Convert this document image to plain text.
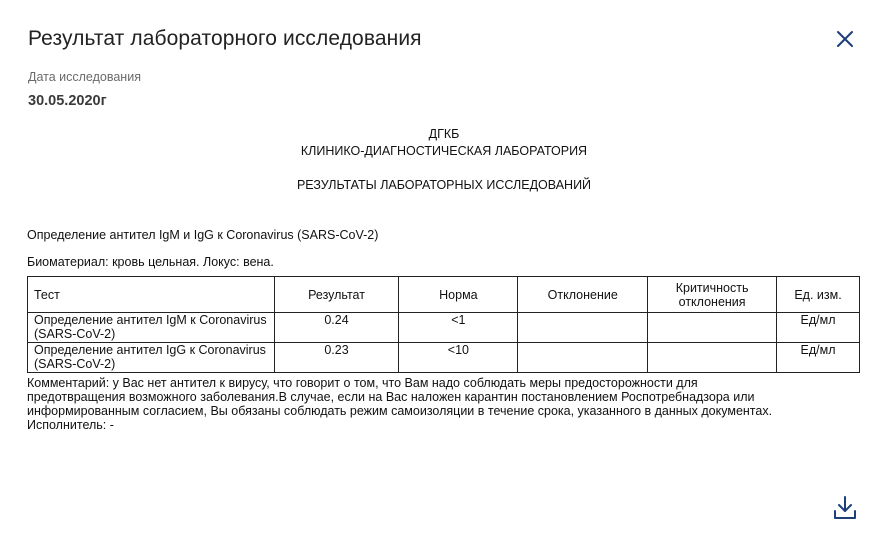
Результат лабораторного исследования
Дата исследования
30.05.2020г
ДГКБ
КЛИНИКО-ДИАГНОСТИЧЕСКАЯ ЛАБОРАТОРИЯ
РЕЗУЛЬТАТЫ ЛАБОРАТОРНЫХ ИССЛЕДОВАНИЙ
Определение антител IgM и IgG к Coronavirus (SARS-CoV-2)
Биоматериал: кровь цельная. Локус: вена.
Тест	Результат	Норма	Отклонение	Критичность отклонения	Ед. изм.
Определение антител IgM к Coronavirus (SARS-CoV-2)	0.24	<1			Ед/мл
Определение антител IgG к Coronavirus (SARS-CoV-2)	0.23	<10			Ед/мл
Комментарий: у Вас нет антител к вирусу, что говорит о том, что Вам надо соблюдать меры предосторожности для предотвращения возможного заболевания.В случае, если на Вас наложен карантин постановлением Роспотребнадзора или информированным согласием, Вы обязаны соблюдать режим самоизоляции в течение срока, указанного в данных документах.
Исполнитель: -
